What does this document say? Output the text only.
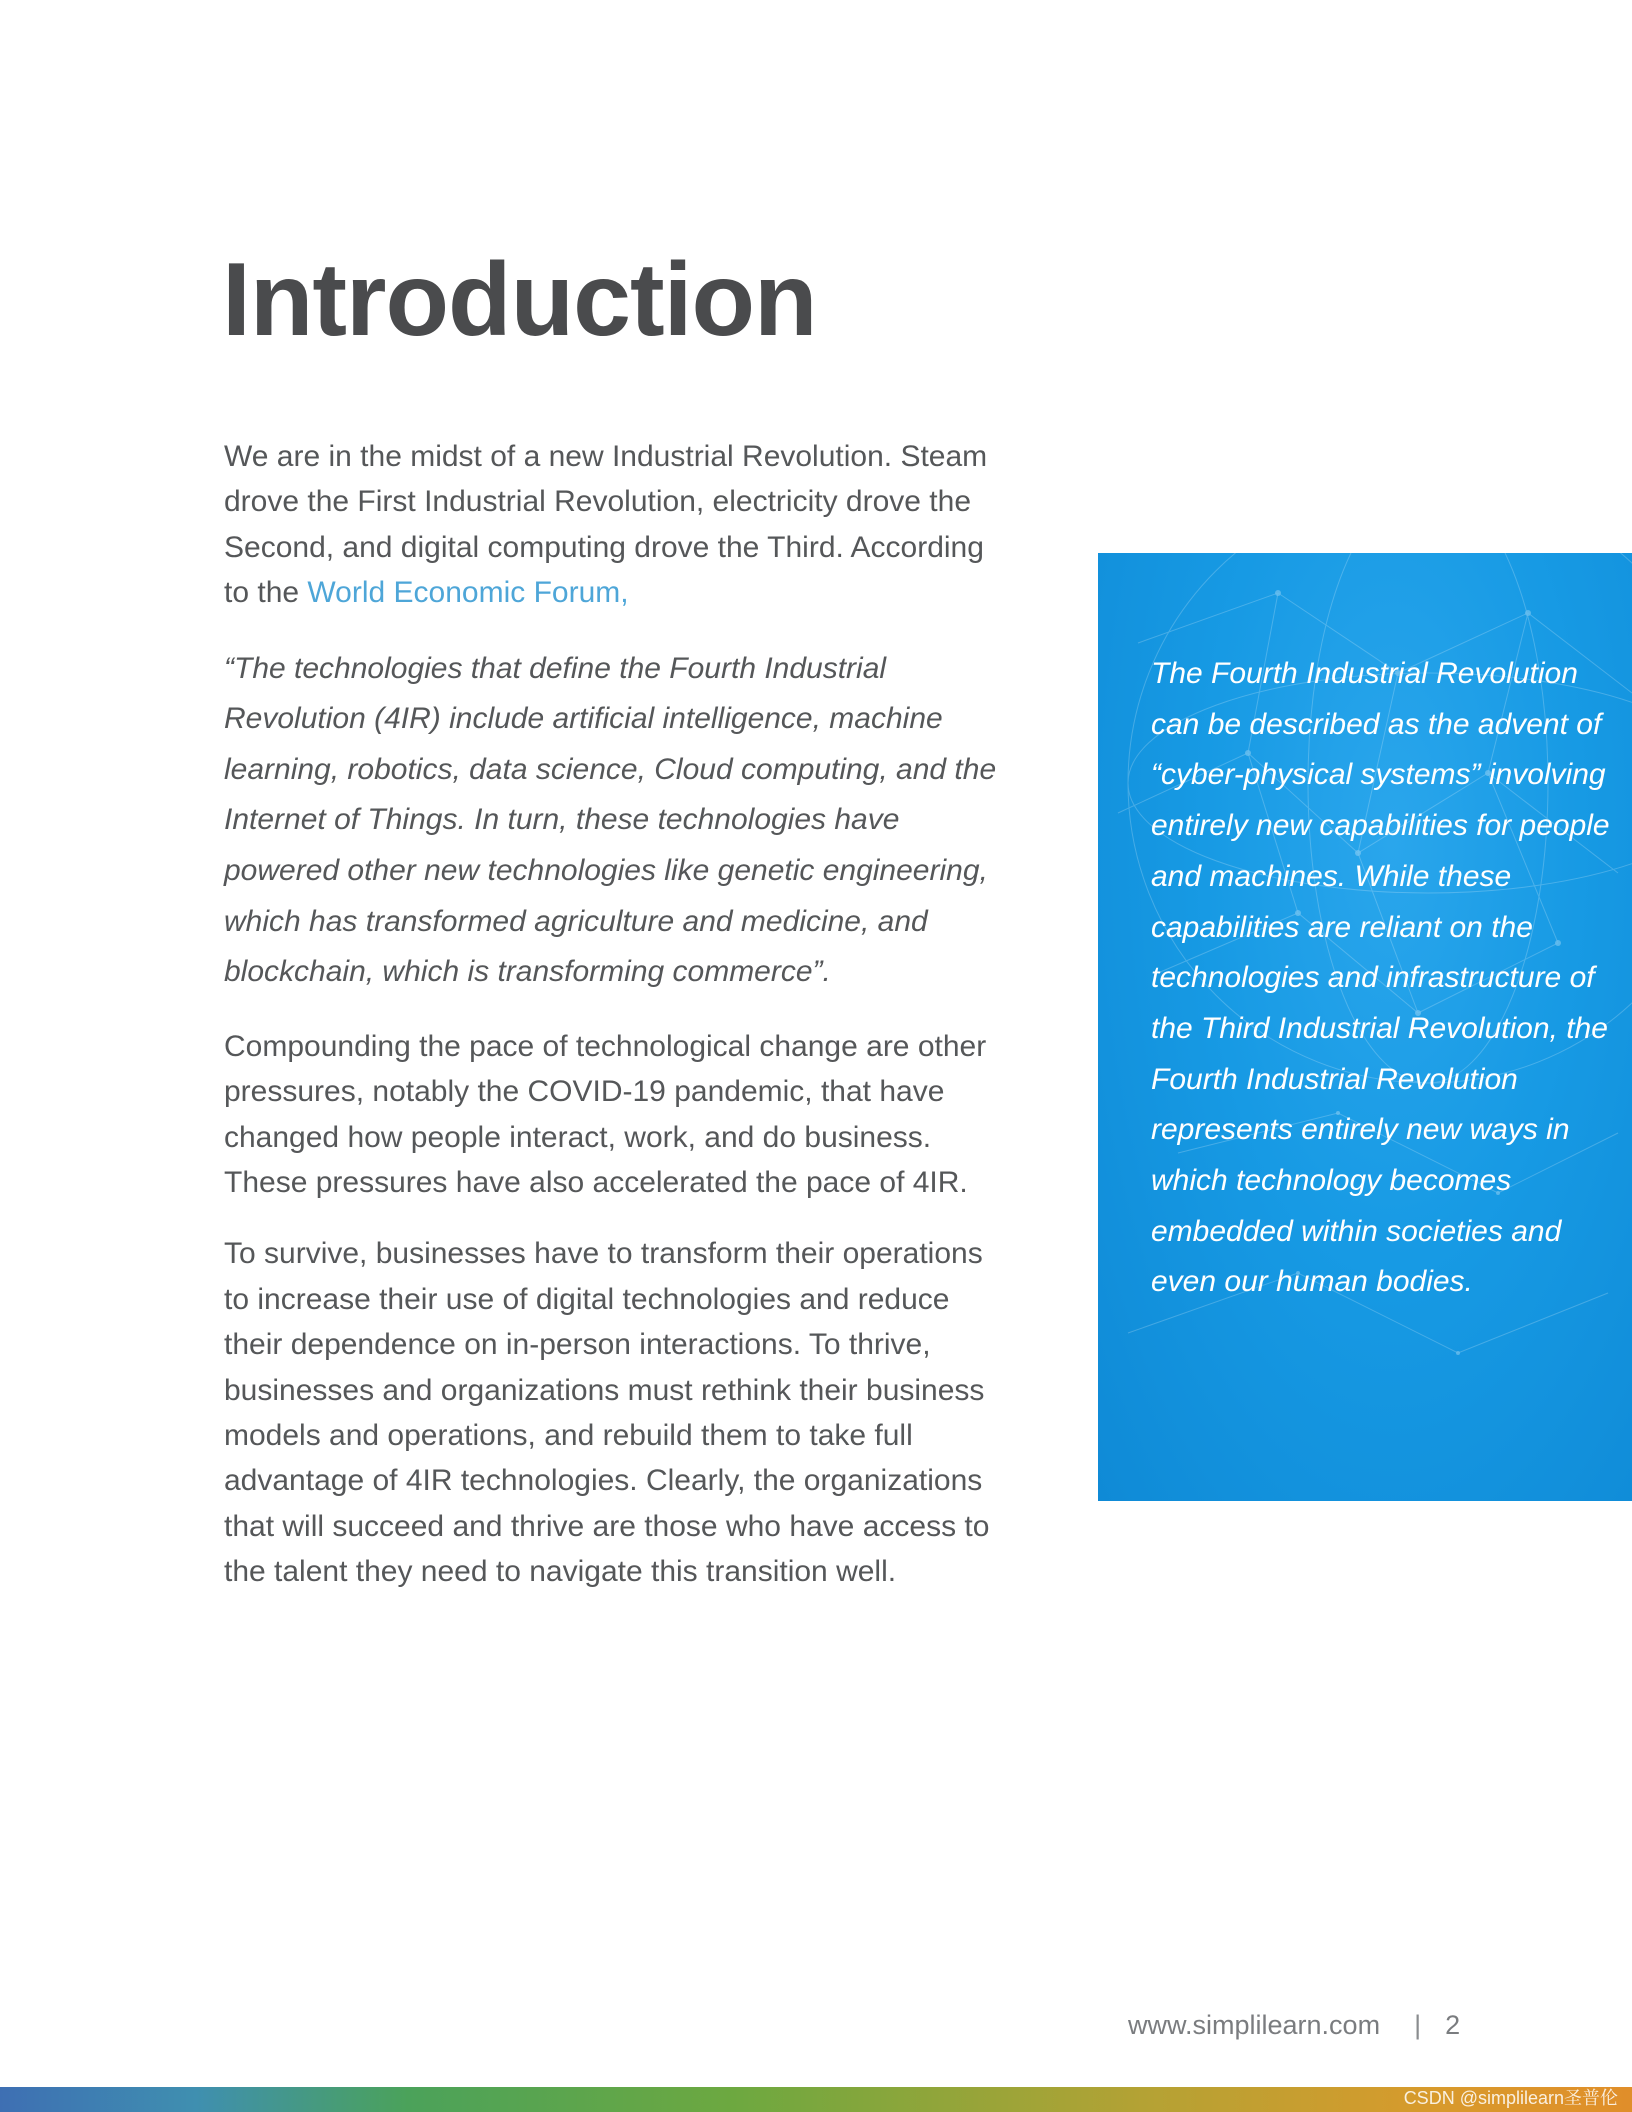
Introduction

We are in the midst of a new Industrial Revolution. Steam drove the First Industrial Revolution, electricity drove the Second, and digital computing drove the Third. According to the World Economic Forum,

“The technologies that define the Fourth Industrial Revolution (4IR) include artificial intelligence, machine learning, robotics, data science, Cloud computing, and the Internet of Things. In turn, these technologies have powered other new technologies like genetic engineering, which has transformed agriculture and medicine, and blockchain, which is transforming commerce”.

Compounding the pace of technological change are other pressures, notably the COVID-19 pandemic, that have changed how people interact, work, and do business. These pressures have also accelerated the pace of 4IR.

To survive, businesses have to transform their operations to increase their use of digital technologies and reduce their dependence on in-person interactions. To thrive, businesses and organizations must rethink their business models and operations, and rebuild them to take full advantage of 4IR technologies. Clearly, the organizations that will succeed and thrive are those who have access to the talent they need to navigate this transition well.

The Fourth Industrial Revolution can be described as the advent of “cyber-physical systems” involving entirely new capabilities for people and machines. While these capabilities are reliant on the technologies and infrastructure of the Third Industrial Revolution, the Fourth Industrial Revolution represents entirely new ways in which technology becomes embedded within societies and even our human bodies.

www.simplilearn.com | 2
CSDN @simplilearn圣普伦
